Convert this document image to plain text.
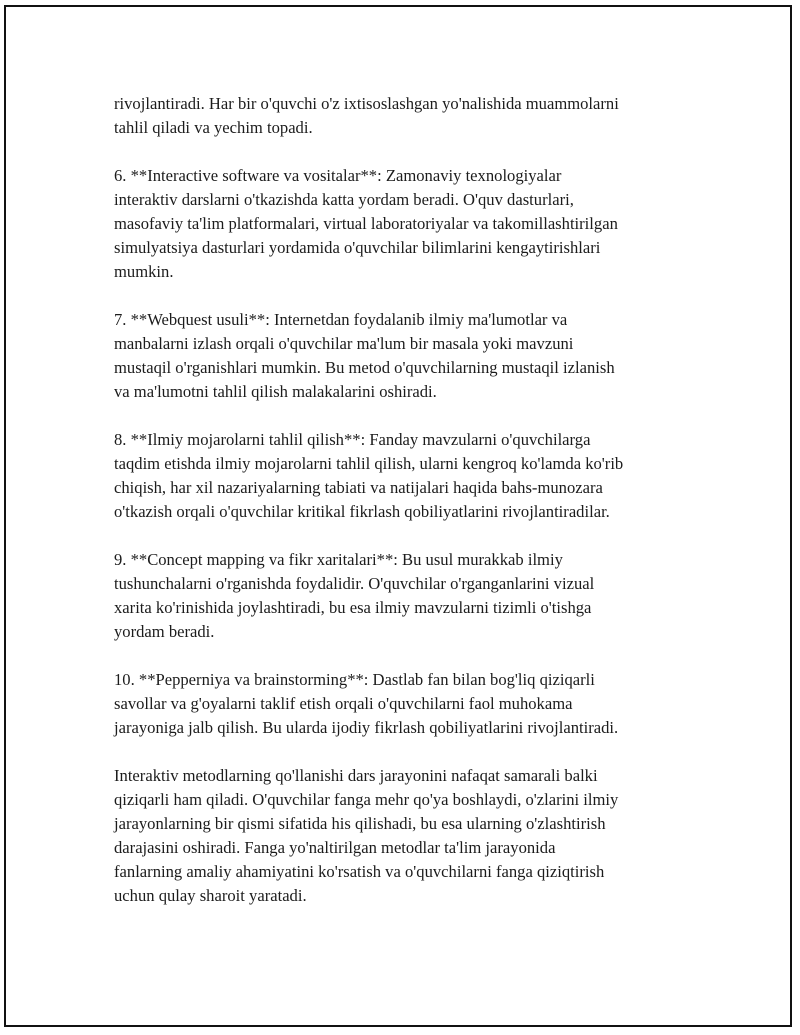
rivojlantiradi. Har bir o'quvchi o'z ixtisoslashgan yo'nalishida muammolarni
tahlil qiladi va yechim topadi.
6. **Interactive software va vositalar**: Zamonaviy texnologiyalar
interaktiv darslarni o'tkazishda katta yordam beradi. O'quv dasturlari,
masofaviy ta'lim platformalari, virtual laboratoriyalar va takomillashtirilgan
simulyatsiya dasturlari yordamida o'quvchilar bilimlarini kengaytirishlari
mumkin.
7. **Webquest usuli**: Internetdan foydalanib ilmiy ma'lumotlar va
manbalarni izlash orqali o'quvchilar ma'lum bir masala yoki mavzuni
mustaqil o'rganishlari mumkin. Bu metod o'quvchilarning mustaqil izlanish
va ma'lumotni tahlil qilish malakalarini oshiradi.
8. **Ilmiy mojarolarni tahlil qilish**: Fanday mavzularni o'quvchilarga
taqdim etishda ilmiy mojarolarni tahlil qilish, ularni kengroq ko'lamda ko'rib
chiqish, har xil nazariyalarning tabiati va natijalari haqida bahs-munozara
o'tkazish orqali o'quvchilar kritikal fikrlash qobiliyatlarini rivojlantiradilar.
9. **Concept mapping va fikr xaritalari**: Bu usul murakkab ilmiy
tushunchalarni o'rganishda foydalidir. O'quvchilar o'rganganlarini vizual
xarita ko'rinishida joylashtiradi, bu esa ilmiy mavzularni tizimli o'tishga
yordam beradi.
10. **Pepperniya va brainstorming**: Dastlab fan bilan bog'liq qiziqarli
savollar va g'oyalarni taklif etish orqali o'quvchilarni faol muhokama
jarayoniga jalb qilish. Bu ularda ijodiy fikrlash qobiliyatlarini rivojlantiradi.
Interaktiv metodlarning qo'llanishi dars jarayonini nafaqat samarali balki
qiziqarli ham qiladi. O'quvchilar fanga mehr qo'ya boshlaydi, o'zlarini ilmiy
jarayonlarning bir qismi sifatida his qilishadi, bu esa ularning o'zlashtirish
darajasini oshiradi. Fanga yo'naltirilgan metodlar ta'lim jarayonida
fanlarning amaliy ahamiyatini ko'rsatish va o'quvchilarni fanga qiziqtirish
uchun qulay sharoit yaratadi.
